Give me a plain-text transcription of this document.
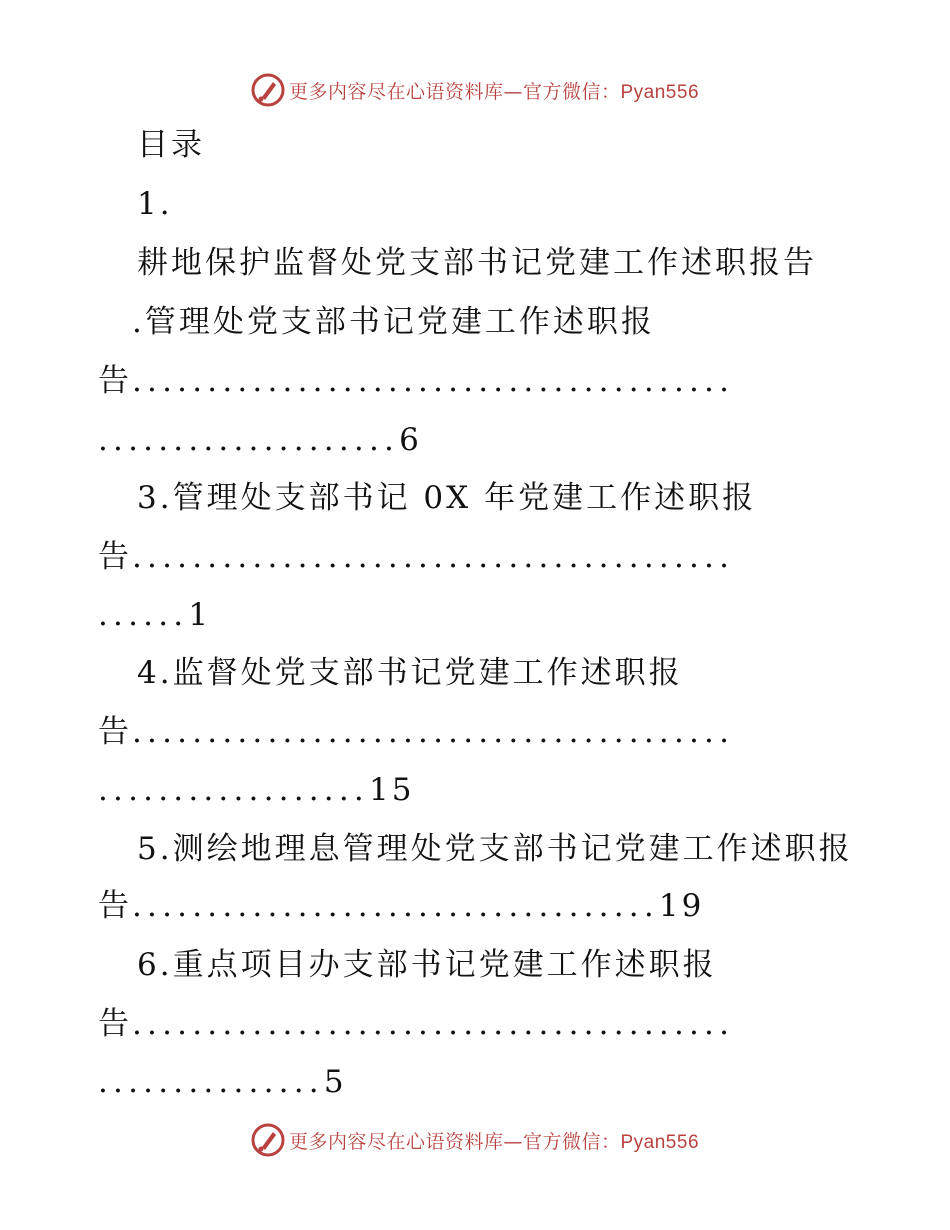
更多内容尽在心语资料库—官方微信：Pyan556
目录
1.
耕地保护监督处党支部书记党建工作述职报告
.管理处党支部书记党建工作述职报
告........................................
....................6
3.管理处支部书记 0X 年党建工作述职报
告........................................
......1
4.监督处党支部书记党建工作述职报
告........................................
..................15
5.测绘地理息管理处党支部书记党建工作述职报
告...................................19
6.重点项目办支部书记党建工作述职报
告........................................
...............5
更多内容尽在心语资料库—官方微信：Pyan556
